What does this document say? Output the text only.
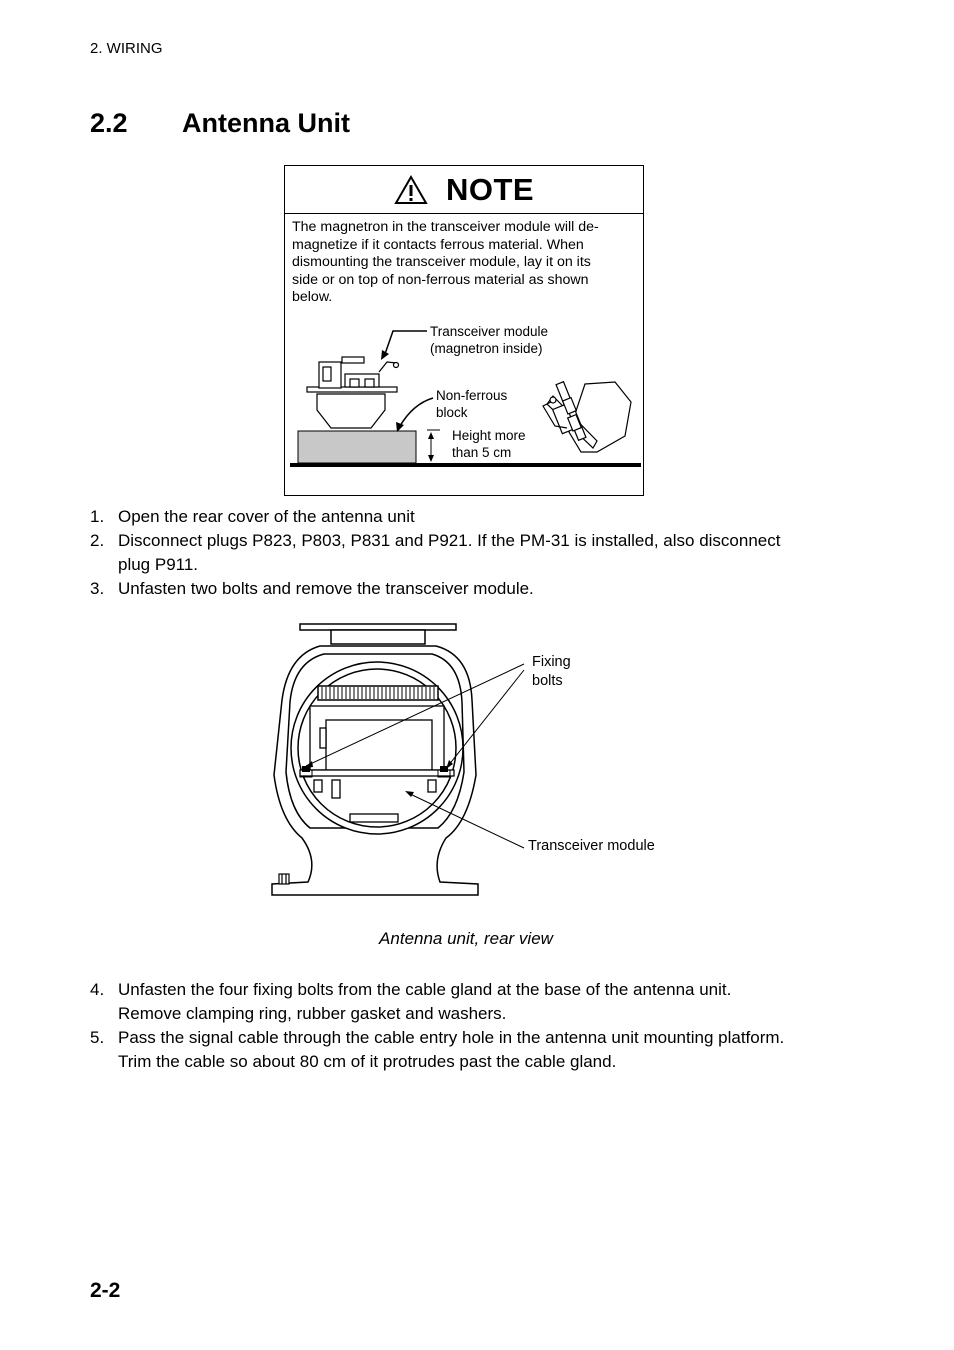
2. WIRING
2.2 Antenna Unit
NOTE
The magnetron in the transceiver module will de-
magnetize if it contacts ferrous material. When
dismounting the transceiver module, lay it on its
side or on top of non-ferrous material as shown
below.
Transceiver module
(magnetron inside)
Non-ferrous
block
Height more
than 5 cm
1. Open the rear cover of the antenna unit
2. Disconnect plugs P823, P803, P831 and P921. If the PM-31 is installed, also disconnect
plug P911.
3. Unfasten two bolts and remove the transceiver module.
Fixing
bolts
Transceiver module
Antenna unit, rear view
4. Unfasten the four fixing bolts from the cable gland at the base of the antenna unit.
Remove clamping ring, rubber gasket and washers.
5. Pass the signal cable through the cable entry hole in the antenna unit mounting platform.
Trim the cable so about 80 cm of it protrudes past the cable gland.
2-2
